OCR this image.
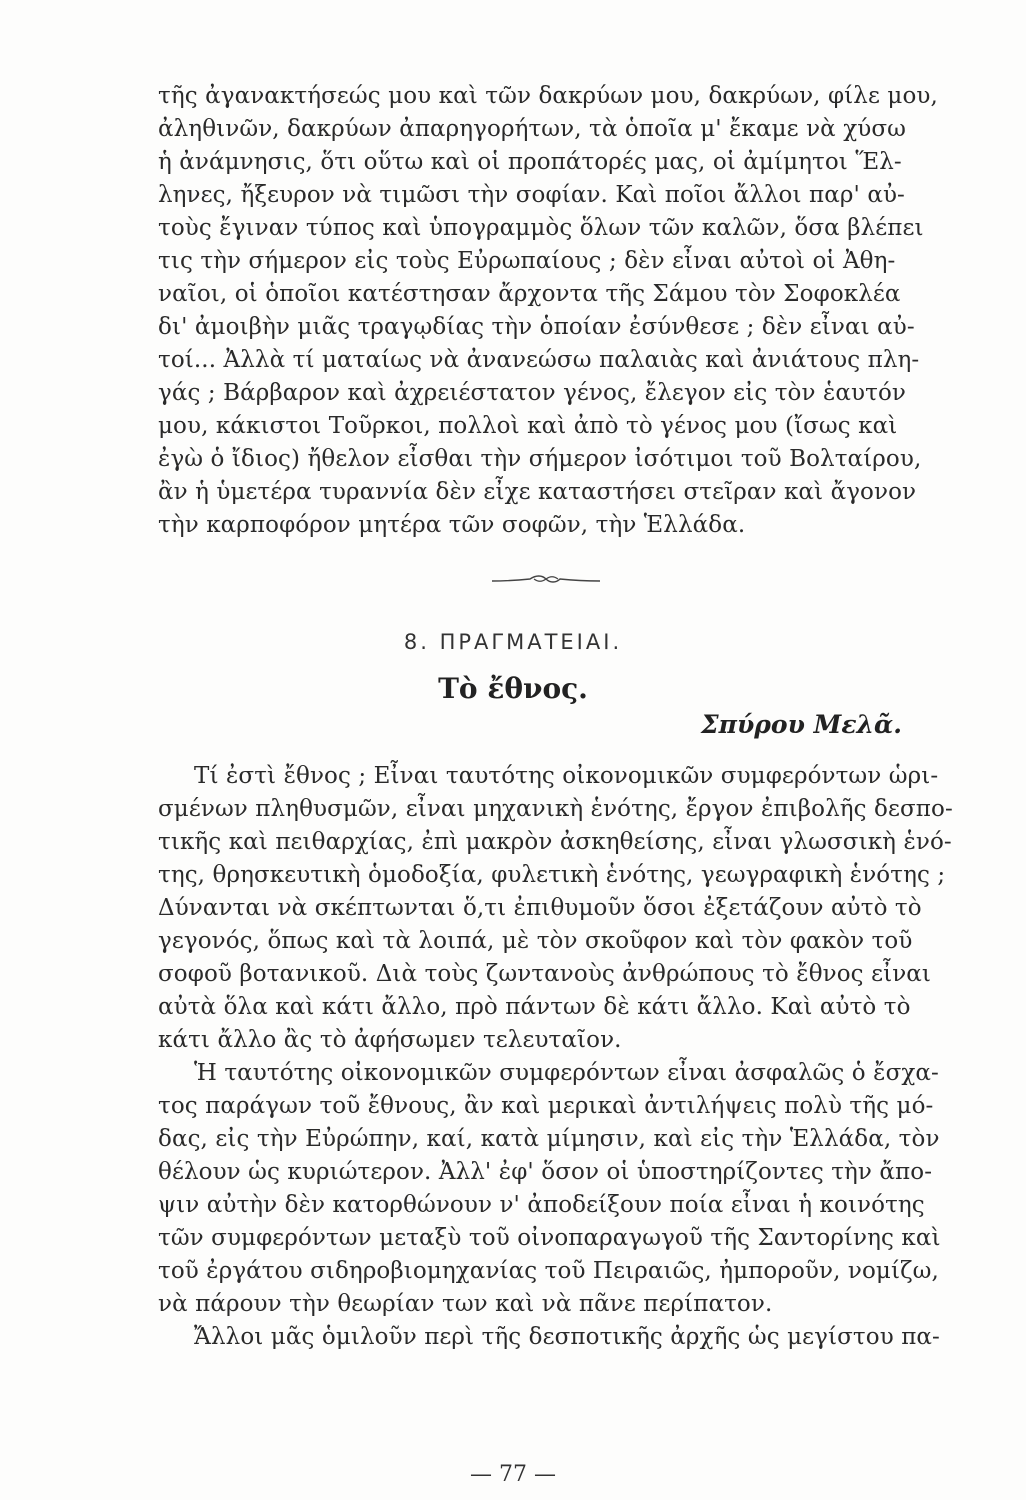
τῆς ἀγανακτήσεώς μου καὶ τῶν δακρύων μου, δακρύων, φίλε μου,
ἀληθινῶν, δακρύων ἀπαρηγορήτων, τὰ ὁποῖα μ' ἔκαμε νὰ χύσω
ἡ ἀνάμνησις, ὅτι οὕτω καὶ οἱ προπάτορές μας, οἱ ἀμίμητοι Ἕλ-
ληνες, ἤξευρον νὰ τιμῶσι τὴν σοφίαν. Καὶ ποῖοι ἄλλοι παρ' αὐ-
τοὺς ἔγιναν τύπος καὶ ὑπογραμμὸς ὅλων τῶν καλῶν, ὅσα βλέπει
τις τὴν σήμερον εἰς τοὺς Εὐρωπαίους ; δὲν εἶναι αὐτοὶ οἱ Ἀθη-
ναῖοι, οἱ ὁποῖοι κατέστησαν ἄρχοντα τῆς Σάμου τὸν Σοφοκλέα
δι' ἀμοιβὴν μιᾶς τραγῳδίας τὴν ὁποίαν ἐσύνθεσε ; δὲν εἶναι αὐ-
τοί... Ἀλλὰ τί ματαίως νὰ ἀνανεώσω παλαιὰς καὶ ἀνιάτους πλη-
γάς ; Βάρβαρον καὶ ἀχρειέστατον γένος, ἔλεγον εἰς τὸν ἑαυτόν
μου, κάκιστοι Τοῦρκοι, πολλοὶ καὶ ἀπὸ τὸ γένος μου (ἴσως καὶ
ἐγὼ ὁ ἴδιος) ἤθελον εἶσθαι τὴν σήμερον ἰσότιμοι τοῦ Βολταίρου,
ἂν ἡ ὑμετέρα τυραννία δὲν εἶχε καταστήσει στεῖραν καὶ ἄγονον
τὴν καρποφόρον μητέρα τῶν σοφῶν, τὴν Ἑλλάδα.
8. ΠΡΑΓΜΑΤΕΙΑΙ.
Τὸ ἔθνος.
Σπύρου Μελᾶ.
Τί ἐστὶ ἔθνος ; Εἶναι ταυτότης οἰκονομικῶν συμφερόντων ὡρι-
σμένων πληθυσμῶν, εἶναι μηχανικὴ ἑνότης, ἔργον ἐπιβολῆς δεσπο-
τικῆς καὶ πειθαρχίας, ἐπὶ μακρὸν ἀσκηθείσης, εἶναι γλωσσικὴ ἑνό-
της, θρησκευτικὴ ὁμοδοξία, φυλετικὴ ἑνότης, γεωγραφικὴ ἑνότης ;
Δύνανται νὰ σκέπτωνται ὅ,τι ἐπιθυμοῦν ὅσοι ἐξετάζουν αὐτὸ τὸ
γεγονός, ὅπως καὶ τὰ λοιπά, μὲ τὸν σκοῦφον καὶ τὸν φακὸν τοῦ
σοφοῦ βοτανικοῦ. Διὰ τοὺς ζωντανοὺς ἀνθρώπους τὸ ἔθνος εἶναι
αὐτὰ ὅλα καὶ κάτι ἄλλο, πρὸ πάντων δὲ κάτι ἄλλο. Καὶ αὐτὸ τὸ
κάτι ἄλλο ἂς τὸ ἀφήσωμεν τελευταῖον.
Ἡ ταυτότης οἰκονομικῶν συμφερόντων εἶναι ἀσφαλῶς ὁ ἔσχα-
τος παράγων τοῦ ἔθνους, ἂν καὶ μερικαὶ ἀντιλήψεις πολὺ τῆς μό-
δας, εἰς τὴν Εὐρώπην, καί, κατὰ μίμησιν, καὶ εἰς τὴν Ἑλλάδα, τὸν
θέλουν ὡς κυριώτερον. Ἀλλ' ἐφ' ὅσον οἱ ὑποστηρίζοντες τὴν ἄπο-
ψιν αὐτὴν δὲν κατορθώνουν ν' ἀποδείξουν ποία εἶναι ἡ κοινότης
τῶν συμφερόντων μεταξὺ τοῦ οἰνοπαραγωγοῦ τῆς Σαντορίνης καὶ
τοῦ ἐργάτου σιδηροβιομηχανίας τοῦ Πειραιῶς, ἠμποροῦν, νομίζω,
νὰ πάρουν τὴν θεωρίαν των καὶ νὰ πᾶνε περίπατον.
Ἄλλοι μᾶς ὁμιλοῦν περὶ τῆς δεσποτικῆς ἀρχῆς ὡς μεγίστου πα-
— 77 —
